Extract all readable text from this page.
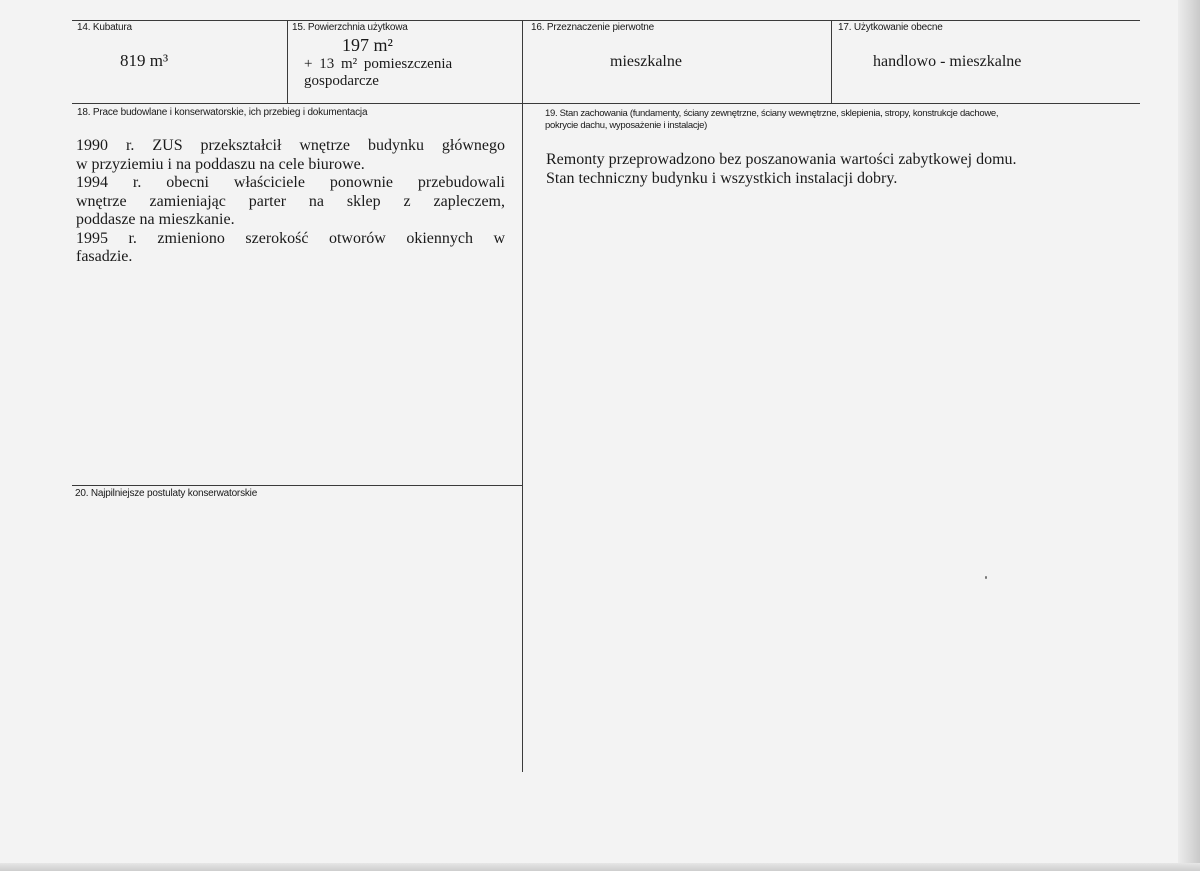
14. Kubatura
819 m³
15. Powierzchnia użytkowa
197 m²
+ 13 m² pomieszczenia
gospodarcze
16. Przeznaczenie pierwotne
mieszkalne
17. Użytkowanie obecne
handlowo - mieszkalne
18. Prace budowlane i konserwatorskie, ich przebieg i dokumentacja
1990 r. ZUS przekształcił wnętrze budynku głównego
w przyziemiu i na poddaszu na cele biurowe.
1994 r. obecni właściciele ponownie przebudowali
wnętrze zamieniając parter na sklep z zapleczem,
poddasze na mieszkanie.
1995 r. zmieniono szerokość otworów okiennych w
fasadzie.
19. Stan zachowania (fundamenty, ściany zewnętrzne, ściany wewnętrzne, sklepienia, stropy, konstrukcje dachowe,
pokrycie dachu, wyposażenie i instalacje)
Remonty przeprowadzono bez poszanowania wartości zabytkowej domu.
Stan techniczny budynku i wszystkich instalacji dobry.
20. Najpilniejsze postulaty konserwatorskie
